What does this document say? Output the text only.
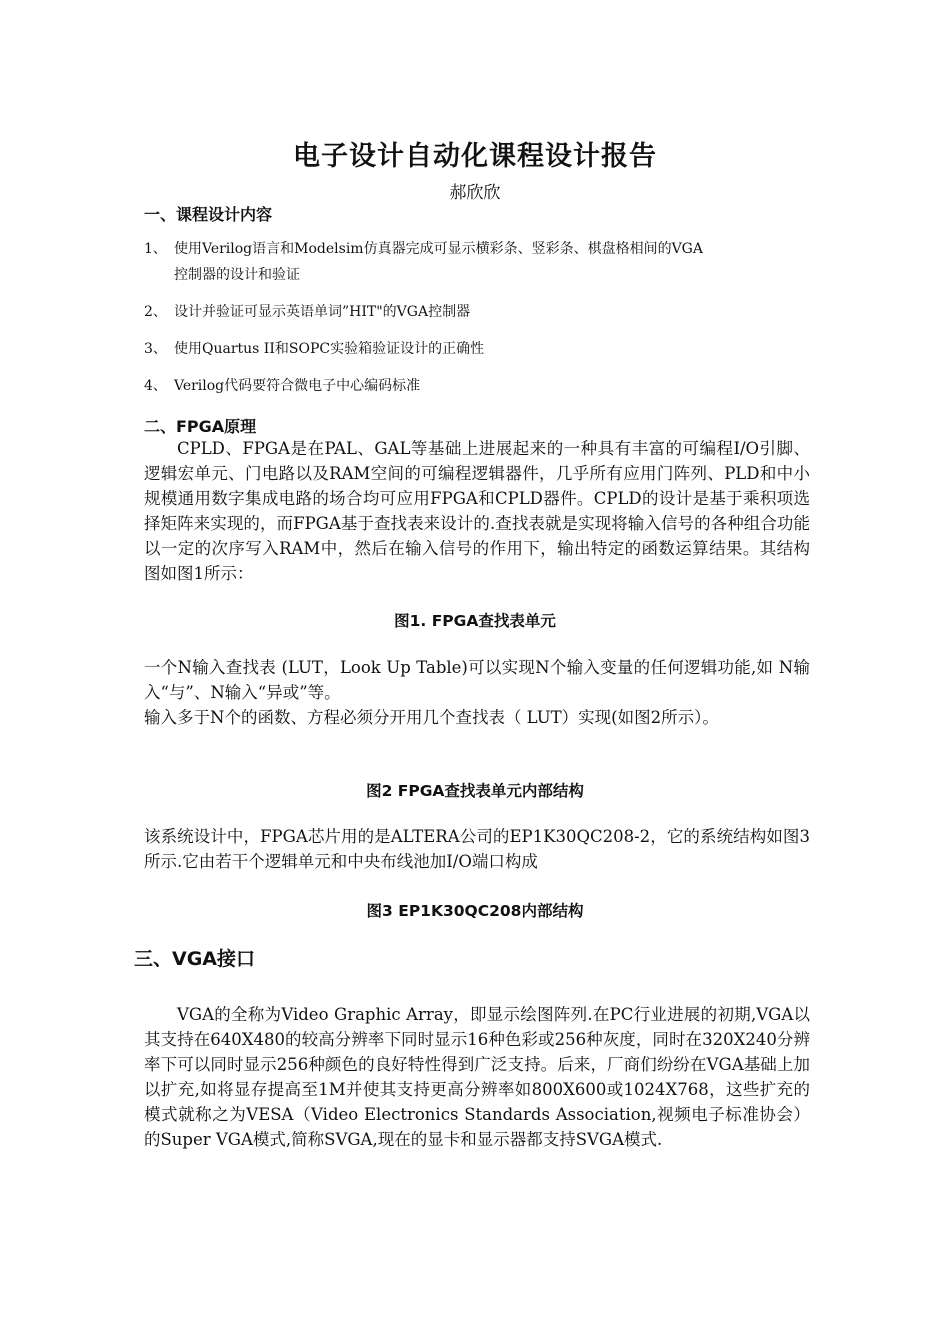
电子设计自动化课程设计报告
郝欣欣
一、课程设计内容
1、 使用Verilog语言和Modelsim仿真器完成可显示横彩条、竖彩条、棋盘格相间的VGA
控制器的设计和验证
2、 设计并验证可显示英语单词”HIT"的VGA控制器
3、 使用Quartus II和SOPC实验箱验证设计的正确性
4、 Verilog代码要符合微电子中心编码标准
二、FPGA原理
CPLD、FPGA是在PAL、GAL等基础上进展起来的一种具有丰富的可编程I/O引脚、逻辑宏单元、门电路以及RAM空间的可编程逻辑器件，几乎所有应用门阵列、PLD和中小规模通用数字集成电路的场合均可应用FPGA和CPLD器件。CPLD的设计是基于乘积项选择矩阵来实现的，而FPGA基于查找表来设计的.查找表就是实现将输入信号的各种组合功能以一定的次序写入RAM中，然后在输入信号的作用下，输出特定的函数运算结果。其结构图如图1所示：
图1. FPGA查找表单元
一个N输入查找表 (LUT，Look Up Table)可以实现N个输入变量的任何逻辑功能,如 N输入“与”、N输入“异或”等。
输入多于N个的函数、方程必须分开用几个查找表（ LUT）实现(如图2所示）。
图2 FPGA查找表单元内部结构
该系统设计中，FPGA芯片用的是ALTERA公司的EP1K30QC208-2，它的系统结构如图3所示.它由若干个逻辑单元和中央布线池加I/O端口构成
图3 EP1K30QC208内部结构
三、VGA接口
VGA的全称为Video Graphic Array，即显示绘图阵列.在PC行业进展的初期,VGA以其支持在640X480的较高分辨率下同时显示16种色彩或256种灰度，同时在320X240分辨率下可以同时显示256种颜色的良好特性得到广泛支持。后来，厂商们纷纷在VGA基础上加以扩充,如将显存提高至1M并使其支持更高分辨率如800X600或1024X768，这些扩充的模式就称之为VESA（Video Electronics Standards Association,视频电子标准协会）的Super VGA模式,简称SVGA,现在的显卡和显示器都支持SVGA模式.
